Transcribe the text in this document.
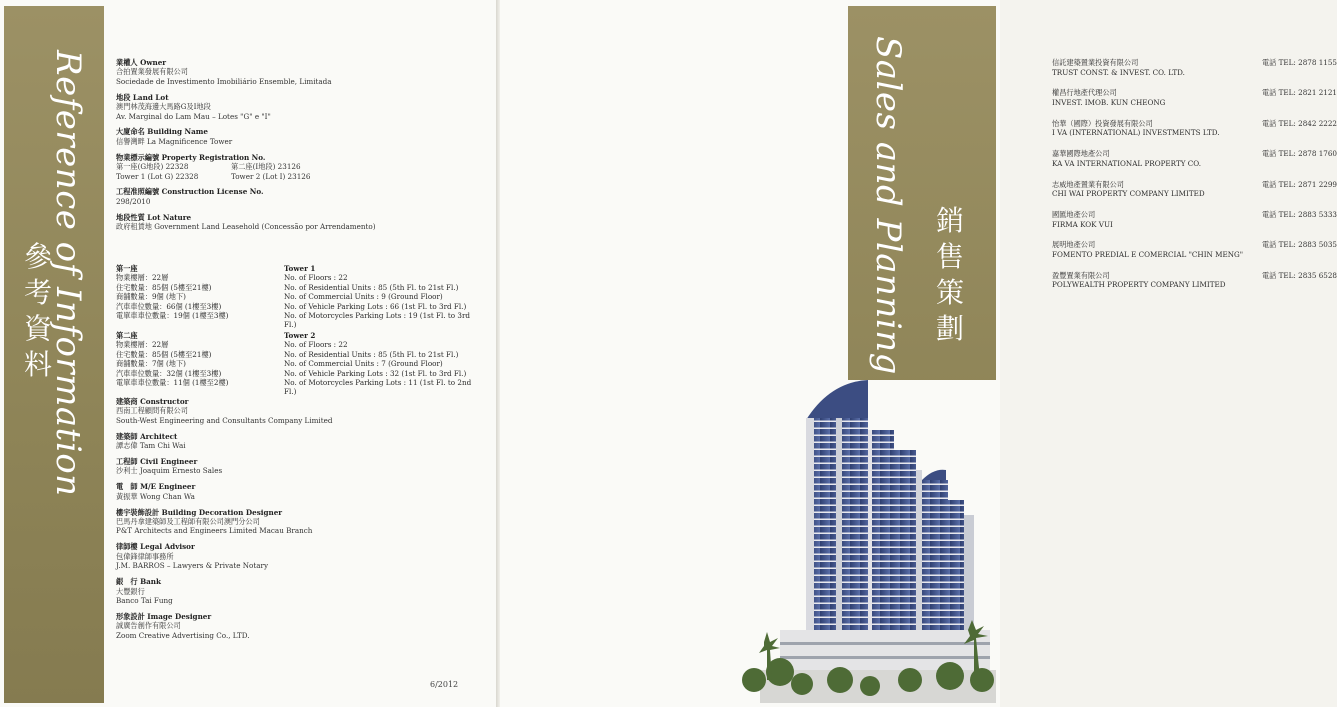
Reference of Information
參
考
資
料
業權人 Owner
合拍置業發展有限公司
Sociedade de Investimento Imobiliário Ensemble, Limitada
地段 Land Lot
澳門林茂海邊大馬路G及I地段
Av. Marginal do Lam Mau – Lotes "G" e "I"
大廈命名 Building Name
信譽灣畔 La Magnificence Tower
物業標示編號 Property Registration No.
第一座(G地段) 22328	第二座(I地段) 23126
Tower 1 (Lot G) 22328	Tower 2 (Lot I) 23126
工程准照編號 Construction License No.
298/2010
地段性質 Lot Nature
政府租賃地 Government Land Leasehold (Concessão por Arrendamento)
第一座
物業樓層：22層
住宅數量：85個 (5樓至21樓)
商舖數量：9個 (地下)
汽車車位數量：66個 (1樓至3樓)
電單車車位數量：19個 (1樓至3樓)
Tower 1
No. of Floors : 22
No. of Residential Units : 85 (5th Fl. to 21st Fl.)
No. of Commercial Units : 9 (Ground Floor)
No. of Vehicle Parking Lots : 66 (1st Fl. to 3rd Fl.)
No. of Motorcycles Parking Lots : 19 (1st Fl. to 3rd Fl.)
第二座
物業樓層：22層
住宅數量：85個 (5樓至21樓)
商舖數量：7個 (地下)
汽車車位數量：32個 (1樓至3樓)
電單車車位數量：11個 (1樓至2樓)
Tower 2
No. of Floors : 22
No. of Residential Units : 85 (5th Fl. to 21st Fl.)
No. of Commercial Units : 7 (Ground Floor)
No. of Vehicle Parking Lots : 32 (1st Fl. to 3rd Fl.)
No. of Motorcycles Parking Lots : 11 (1st Fl. to 2nd Fl.)
建築商 Constructor
西南工程顧問有限公司
South-West Engineering and Consultants Company Limited
建築師 Architect
譚志偉 Tam Chi Wai
工程師 Civil Engineer
沙利士 Joaquim Ernesto Sales
電　師 M/E Engineer
黃振華 Wong Chan Wa
樓宇裝飾設計 Building Decoration Designer
巴馬丹拿建築師及工程師有限公司澳門分公司
P&T Architects and Engineers Limited Macau Branch
律師樓 Legal Advisor
包偉鋒律師事務所
J.M. BARROS – Lawyers & Private Notary
銀　行 Bank
大豐銀行
Banco Tai Fung
形象設計 Image Designer
誠廣告創作有限公司
Zoom Creative Advertising Co., LTD.
6/2012
信託建築置業投資有限公司
TRUST CONST. & INVEST. CO. LTD.
電話 TEL: 2878 1155
權昌行地產代理公司
INVEST. IMOB. KUN CHEONG
電話 TEL: 2821 2121
怡華（國際）投資發展有限公司
I VA (INTERNATIONAL) INVESTMENTS LTD.
電話 TEL: 2842 2222
嘉華國際地產公司
KA VA INTERNATIONAL PROPERTY CO.
電話 TEL: 2878 1760
志威地產置業有限公司
CHI WAI PROPERTY COMPANY LIMITED
電話 TEL: 2871 2299
國匯地產公司
FIRMA KOK VUI
電話 TEL: 2883 5333
展明地產公司
FOMENTO PREDIAL E COMERCIAL "CHIN MENG"
電話 TEL: 2883 5035
盈豐置業有限公司
POLYWEALTH PROPERTY COMPANY LIMITED
電話 TEL: 2835 6528
Sales and Planning 銷
售
策
劃
